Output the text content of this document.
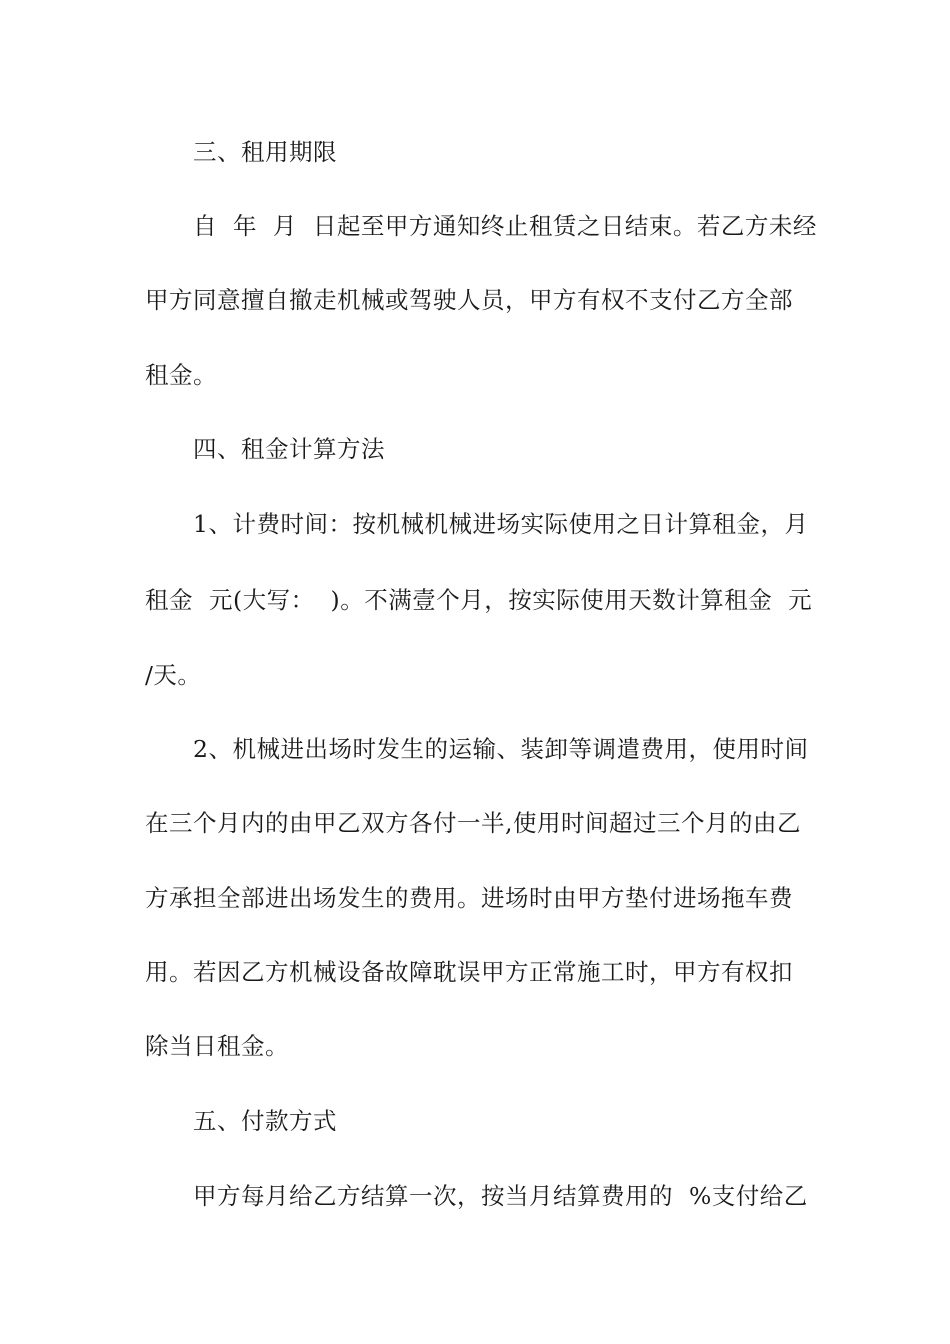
三、租用期限
自  年  月  日起至甲方通知终止租赁之日结束。若乙方未经
甲方同意擅自撤走机械或驾驶人员，甲方有权不支付乙方全部
租金。
四、租金计算方法
1、计费时间：按机械机械进场实际使用之日计算租金，月
租金  元(大写：  )。不满壹个月，按实际使用天数计算租金  元
/天。
2、机械进出场时发生的运输、装卸等调遣费用，使用时间
在三个月内的由甲乙双方各付一半,使用时间超过三个月的由乙
方承担全部进出场发生的费用。进场时由甲方垫付进场拖车费
用。若因乙方机械设备故障耽误甲方正常施工时，甲方有权扣
除当日租金。
五、付款方式
甲方每月给乙方结算一次，按当月结算费用的  %支付给乙
